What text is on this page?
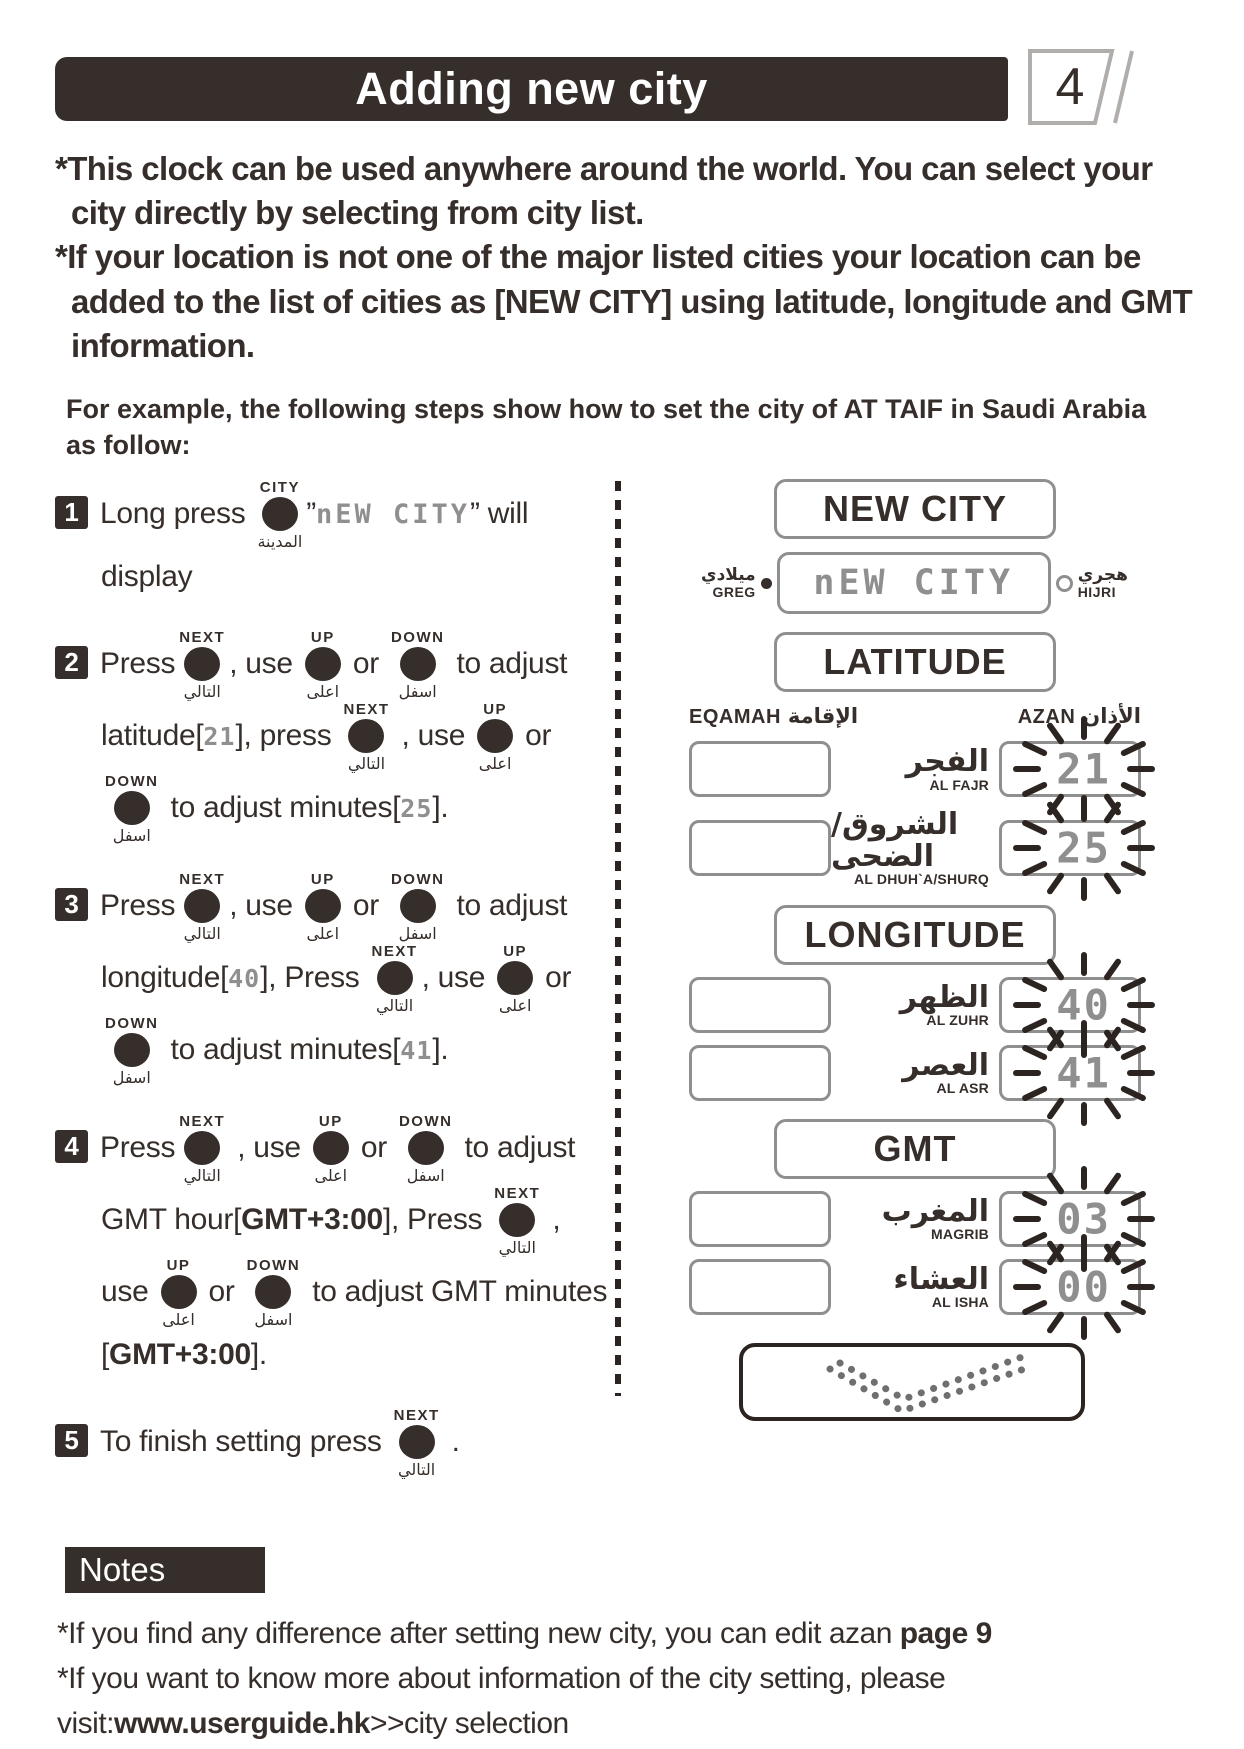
Adding new city	4

*This clock can be used anywhere around the world. You can select your city directly by selecting from city list.

*If your location is not one of the major listed cities your location can be added to the list of cities as [NEW CITY] using latitude, longitude and GMT information.

For example, the following steps show how to set the city of AT TAIF in Saudi Arabia as follow:

1 Long press
CITY
المدينة
”nEW CITY” will display

2 Press
NEXT
التالي
, use
UP
اعلى
or
DOWN
اسفل
to adjust latitude[21], press
NEXT
التالي
, use
UP
اعلى
or
DOWN
اسفل
to adjust minutes[25].

3 Press
NEXT
التالي
, use
UP
اعلى
or
DOWN
اسفل
to adjust longitude[40], Press
NEXT
التالي
, use
UP
اعلى
or
DOWN
اسفل
to adjust minutes[41].

4 Press
NEXT
التالي
, use
UP
اعلى
or
DOWN
اسفل
to adjust GMT hour[GMT+3:00], Press
NEXT
التالي
, use
UP
اعلى
or
DOWN
اسفل
to adjust GMT minutes [GMT+3:00].

5 To finish setting press
NEXT
التالي
.

NEW CITY
ميلادي
GREG nEW CITY	هجري
HIJRI
LATITUDE
EQAMAH الإقامة	AZAN الأذان
الفجر
AL FAJR 21
الشروق/الضحى
AL DHUH`A/SHURQ
25
LONGITUDE
الظهر
AL ZUHR 40
العصر
AL ASR 41
GMT
المغرب
MAGRIB 03
العشاء
AL ISHA 00
Notes

*If you find any difference after setting new city, you can edit azan page 9

*If you want to know more about information of the city setting, please visit:www.userguide.hk>>city selection
